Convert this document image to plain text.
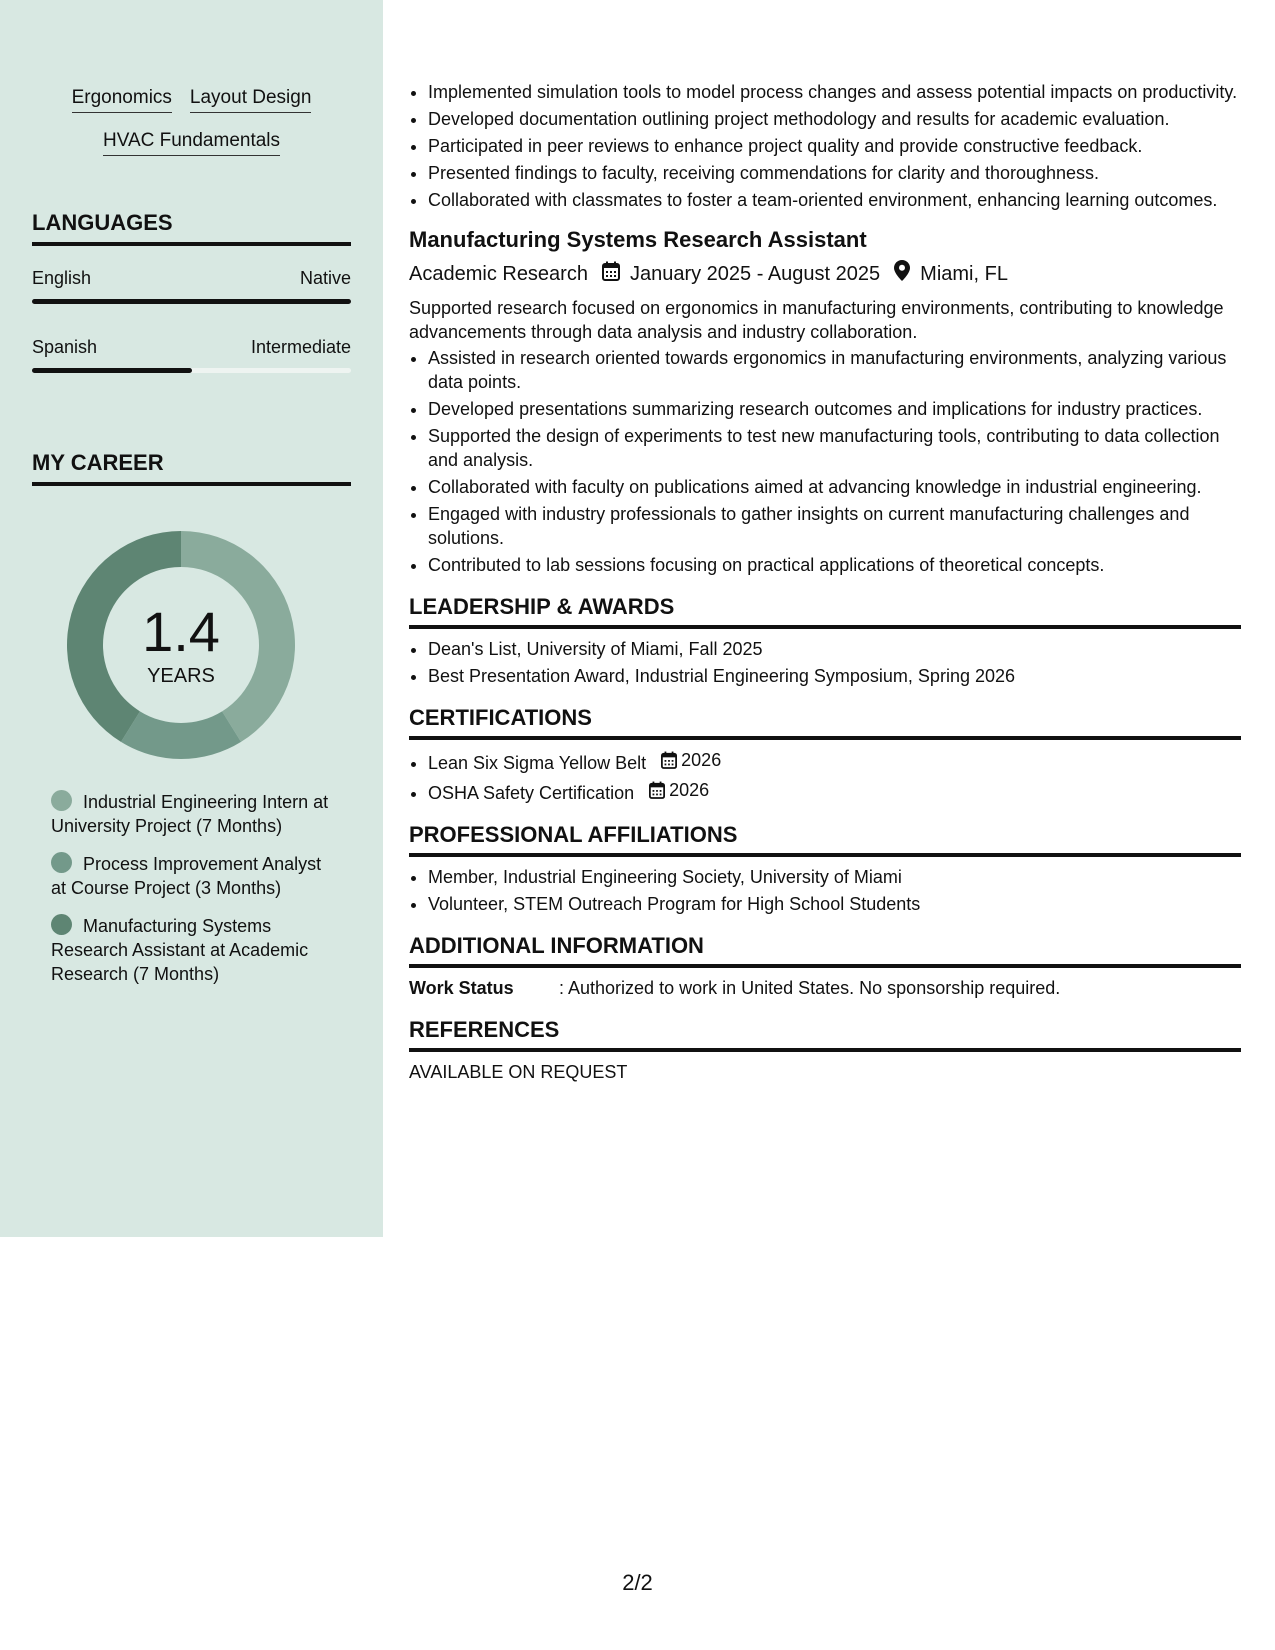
Ergonomics Layout Design
HVAC Fundamentals
LANGUAGES
English	Native
Spanish	Intermediate
MY CAREER
1.4
YEARS
Industrial Engineering Intern at University Project (7 Months)
Process Improvement Analyst at Course Project (3 Months)
Manufacturing Systems Research Assistant at Academic Research (7 Months)
• Implemented simulation tools to model process changes and assess potential impacts on productivity.
• Developed documentation outlining project methodology and results for academic evaluation.
• Participated in peer reviews to enhance project quality and provide constructive feedback.
• Presented findings to faculty, receiving commendations for clarity and thoroughness.
• Collaborated with classmates to foster a team-oriented environment, enhancing learning outcomes.
Manufacturing Systems Research Assistant
Academic Research January 2025 - August 2025 Miami, FL
Supported research focused on ergonomics in manufacturing environments, contributing to knowledge advancements through data analysis and industry collaboration.
• Assisted in research oriented towards ergonomics in manufacturing environments, analyzing various data points.
• Developed presentations summarizing research outcomes and implications for industry practices.
• Supported the design of experiments to test new manufacturing tools, contributing to data collection and analysis.
• Collaborated with faculty on publications aimed at advancing knowledge in industrial engineering.
• Engaged with industry professionals to gather insights on current manufacturing challenges and solutions.
• Contributed to lab sessions focusing on practical applications of theoretical concepts.
LEADERSHIP & AWARDS
• Dean's List, University of Miami, Fall 2025
• Best Presentation Award, Industrial Engineering Symposium, Spring 2026
CERTIFICATIONS
• Lean Six Sigma Yellow Belt 2026
• OSHA Safety Certification 2026
PROFESSIONAL AFFILIATIONS
• Member, Industrial Engineering Society, University of Miami
• Volunteer, STEM Outreach Program for High School Students
ADDITIONAL INFORMATION
Work Status	: Authorized to work in United States. No sponsorship required.
REFERENCES
AVAILABLE ON REQUEST
2/2
